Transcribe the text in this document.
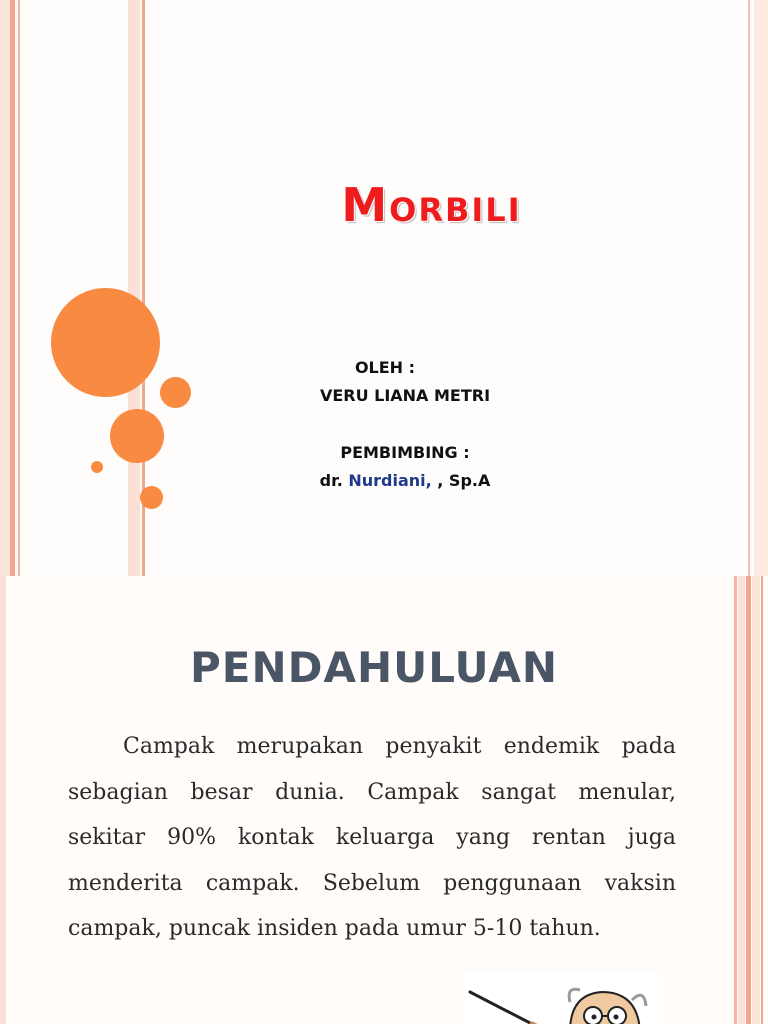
Morbili
OLEH :
VERU LIANA METRI
PEMBIMBING :
dr. Nurdiani, , Sp.A
PENDAHULUAN
Campak merupakan penyakit endemik pada sebagian besar dunia. Campak sangat menular, sekitar 90% kontak keluarga yang rentan juga menderita campak. Sebelum penggunaan vaksin campak, puncak insiden pada umur 5-10 tahun.
